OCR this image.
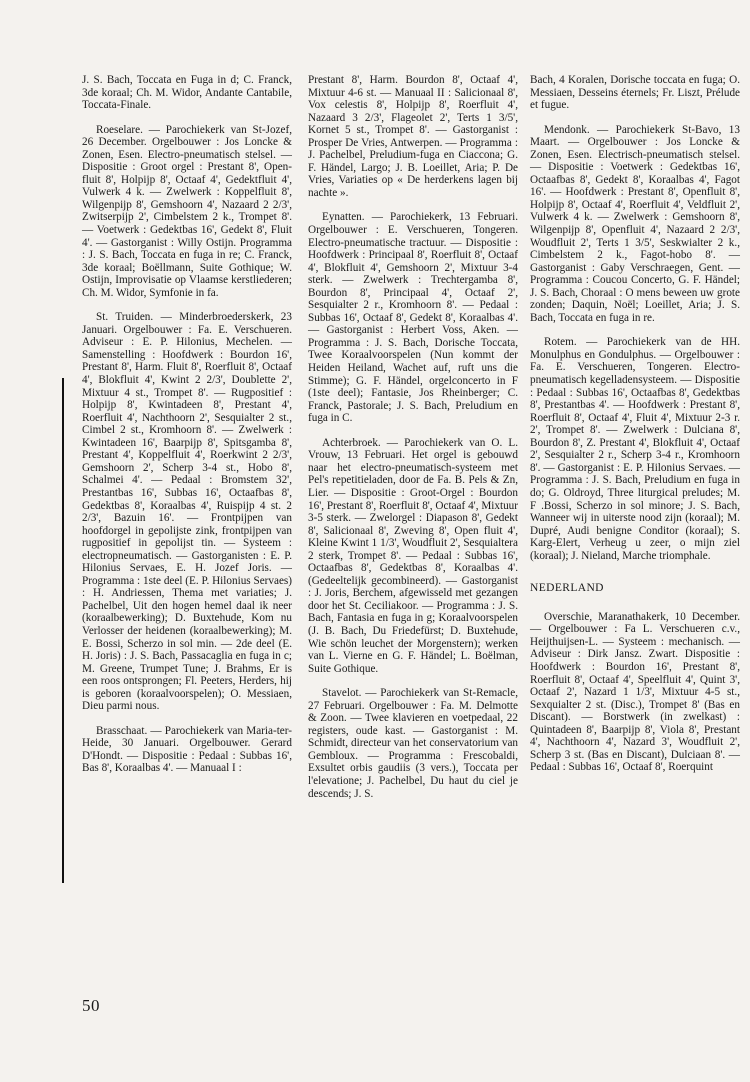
J. S. Bach, Toccata en Fuga in d; C. Franck, 3de koraal; Ch. M. Widor, Andante Cantabile, Toccata-Finale.

Roeselare. — Parochiekerk van St-Jozef, 26 December. Orgelbouwer : Jos Loncke & Zonen, Esen. Electro-pneumatisch stelsel. — Dispositie : Groot orgel : Prestant 8', Open-fluit 8', Holpijp 8', Octaaf 4', Gedektfluit 4', Vulwerk 4 k. — Zwelwerk : Koppelfluit 8', Wilgenpijp 8', Gemshoorn 4', Nazaard 2 2/3', Zwitserpijp 2', Cimbelstem 2 k., Trompet 8'. — Voetwerk : Gedektbas 16', Gedekt 8', Fluit 4'. — Gastorganist : Willy Ostijn. Programma : J. S. Bach, Toccata en fuga in re; C. Franck, 3de koraal; Boëllmann, Suite Gothique; W. Ostijn, Improvisatie op Vlaamse kerstliederen; Ch. M. Widor, Symfonie in fa.

St. Truiden. — Minderbroederskerk, 23 Januari. Orgelbouwer : Fa. E. Verschueren. Adviseur : E. P. Hilonius, Mechelen. — Samenstelling : Hoofdwerk : Bourdon 16', Prestant 8', Harm. Fluit 8', Roerfluit 8', Octaaf 4', Blokfluit 4', Kwint 2 2/3', Doublette 2', Mixtuur 4 st., Trompet 8'. — Rugpositief : Holpijp 8', Kwintadeen 8', Prestant 4', Roerfluit 4', Nachthoorn 2', Sesquialter 2 st., Cimbel 2 st., Kromhoorn 8'. — Zwelwerk : Kwintadeen 16', Baarpijp 8', Spitsgamba 8', Prestant 4', Koppelfluit 4', Roerkwint 2 2/3', Gemshoorn 2', Scherp 3-4 st., Hobo 8', Schalmei 4'. — Pedaal : Bromstem 32', Prestantbas 16', Subbas 16', Octaafbas 8', Gedektbas 8', Koraalbas 4', Ruispijp 4 st. 2 2/3', Bazuin 16'. — Frontpijpen van hoofdorgel in gepolijste zink, frontpijpen van rugpositief in gepolijst tin. — Systeem : electropneumatisch. — Gastorganisten : E. P. Hilonius Servaes, E. H. Jozef Joris. — Programma : 1ste deel (E. P. Hilonius Servaes) : H. Andriessen, Thema met variaties; J. Pachelbel, Uit den hogen hemel daal ik neer (koraalbewerking); D. Buxtehude, Kom nu Verlosser der heidenen (koraalbewerking); M. E. Bossi, Scherzo in sol min. — 2de deel (E. H. Joris) : J. S. Bach, Passacaglia en fuga in c; M. Greene, Trumpet Tune; J. Brahms, Er is een roos ontsprongen; Fl. Peeters, Herders, hij is geboren (koraalvoorspelen); O. Messiaen, Dieu parmi nous.

Brasschaat. — Parochiekerk van Maria-ter-Heide, 30 Januari. Orgelbouwer. Gerard D'Hondt. — Dispositie : Pedaal : Subbas 16', Bas 8', Koraalbas 4'. — Manuaal I :

Prestant 8', Harm. Bourdon 8', Octaaf 4', Mixtuur 4-6 st. — Manuaal II : Salicionaal 8', Vox celestis 8', Holpijp 8', Roerfluit 4', Nazaard 3 2/3', Flageolet 2', Terts 1 3/5', Kornet 5 st., Trompet 8'. — Gastorganist : Prosper De Vries, Antwerpen. — Programma : J. Pachelbel, Preludium-fuga en Ciaccona; G. F. Händel, Largo; J. B. Loeillet, Aria; P. De Vries, Variaties op « De herderkens lagen bij nachte ».

Eynatten. — Parochiekerk, 13 Februari. Orgelbouwer : E. Verschueren, Tongeren. Electro-pneumatische tractuur. — Dispositie : Hoofdwerk : Principaal 8', Roerfluit 8', Octaaf 4', Blokfluit 4', Gemshoorn 2', Mixtuur 3-4 sterk. — Zwelwerk : Trechtergamba 8', Bourdon 8', Principaal 4', Octaaf 2', Sesquialter 2 r., Kromhoorn 8'. — Pedaal : Subbas 16', Octaaf 8', Gedekt 8', Koraalbas 4'. — Gastorganist : Herbert Voss, Aken. — Programma : J. S. Bach, Dorische Toccata, Twee Koraalvoorspelen (Nun kommt der Heiden Heiland, Wachet auf, ruft uns die Stimme); G. F. Händel, orgelconcerto in F (1ste deel); Fantasie, Jos Rheinberger; C. Franck, Pastorale; J. S. Bach, Preludium en fuga in C.

Achterbroek. — Parochiekerk van O. L. Vrouw, 13 Februari. Het orgel is gebouwd naar het electro-pneumatisch-systeem met Pel's repetitieladen, door de Fa. B. Pels & Zn, Lier. — Dispositie : Groot-Orgel : Bourdon 16', Prestant 8', Roerfluit 8', Octaaf 4', Mixtuur 3-5 sterk. — Zwelorgel : Diapason 8', Gedekt 8', Salicionaal 8', Zweving 8', Open fluit 4', Kleine Kwint 1 1/3', Woudfluit 2', Sesquialtera 2 sterk, Trompet 8'. — Pedaal : Subbas 16', Octaafbas 8', Gedektbas 8', Koraalbas 4'. (Gedeeltelijk gecombineerd). — Gastorganist : J. Joris, Berchem, afgewisseld met gezangen door het St. Ceciliakoor. — Programma : J. S. Bach, Fantasia en fuga in g; Koraalvoorspelen (J. B. Bach, Du Friedefürst; D. Buxtehude, Wie schön leuchet der Morgenstern); werken van L. Vierne en G. F. Händel; L. Boëlman, Suite Gothique.

Stavelot. — Parochiekerk van St-Remacle, 27 Februari. Orgelbouwer : Fa. M. Delmotte & Zoon. — Twee klavieren en voetpedaal, 22 registers, oude kast. — Gastorganist : M. Schmidt, directeur van het conservatorium van Gembloux. — Programma : Frescobaldi, Exsultet orbis gaudiis (3 vers.), Toccata per l'elevatione; J. Pachelbel, Du haut du ciel je descends; J. S.

Bach, 4 Koralen, Dorische toccata en fuga; O. Messiaen, Desseins éternels; Fr. Liszt, Prélude et fugue.

Mendonk. — Parochiekerk St-Bavo, 13 Maart. — Orgelbouwer : Jos Loncke & Zonen, Esen. Electrisch-pneumatisch stelsel. — Dispositie : Voetwerk : Gedektbas 16', Octaafbas 8', Gedekt 8', Koraalbas 4', Fagot 16'. — Hoofdwerk : Prestant 8', Openfluit 8', Holpijp 8', Octaaf 4', Roerfluit 4', Veldfluit 2', Vulwerk 4 k. — Zwelwerk : Gemshoorn 8', Wilgenpijp 8', Openfluit 4', Nazaard 2 2/3', Woudfluit 2', Terts 1 3/5', Seskwialter 2 k., Cimbelstem 2 k., Fagot-hobo 8'. — Gastorganist : Gaby Verschraegen, Gent. — Programma : Coucou Concerto, G. F. Händel; J. S. Bach, Choraal : O mens beween uw grote zonden; Daquin, Noël; Loeillet, Aria; J. S. Bach, Toccata en fuga in re.

Rotem. — Parochiekerk van de HH. Monulphus en Gondulphus. — Orgelbouwer : Fa. E. Verschueren, Tongeren. Electro-pneumatisch kegelladensysteem. — Dispositie : Pedaal : Subbas 16', Octaafbas 8', Gedektbas 8', Prestantbas 4'. — Hoofdwerk : Prestant 8', Roerfluit 8', Octaaf 4', Fluit 4', Mixtuur 2-3 r. 2', Trompet 8'. — Zwelwerk : Dulciana 8', Bourdon 8', Z. Prestant 4', Blokfluit 4', Octaaf 2', Sesquialter 2 r., Scherp 3-4 r., Kromhoorn 8'. — Gastorganist : E. P. Hilonius Servaes. — Programma : J. S. Bach, Preludium en fuga in do; G. Oldroyd, Three liturgical preludes; M. F .Bossi, Scherzo in sol minore; J. S. Bach, Wanneer wij in uiterste nood zijn (koraal); M. Dupré, Audi benigne Conditor (koraal); S. Karg-Elert, Verheug u zeer, o mijn ziel (koraal); J. Nieland, Marche triomphale.

NEDERLAND

Overschie, Maranathakerk, 10 December. — Orgelbouwer : Fa L. Verschueren c.v., Heijthuijsen-L. — Systeem : mechanisch. — Adviseur : Dirk Jansz. Zwart. Dispositie : Hoofdwerk : Bourdon 16', Prestant 8', Roerfluit 8', Octaaf 4', Speelfluit 4', Quint 3', Octaaf 2', Nazard 1 1/3', Mixtuur 4-5 st., Sexquialter 2 st. (Disc.), Trompet 8' (Bas en Discant). — Borstwerk (in zwelkast) : Quintadeen 8', Baarpijp 8', Viola 8', Prestant 4', Nachthoorn 4', Nazard 3', Woudfluit 2', Scherp 3 st. (Bas en Discant), Dulciaan 8'. — Pedaal : Subbas 16', Octaaf 8', Roerquint

50
